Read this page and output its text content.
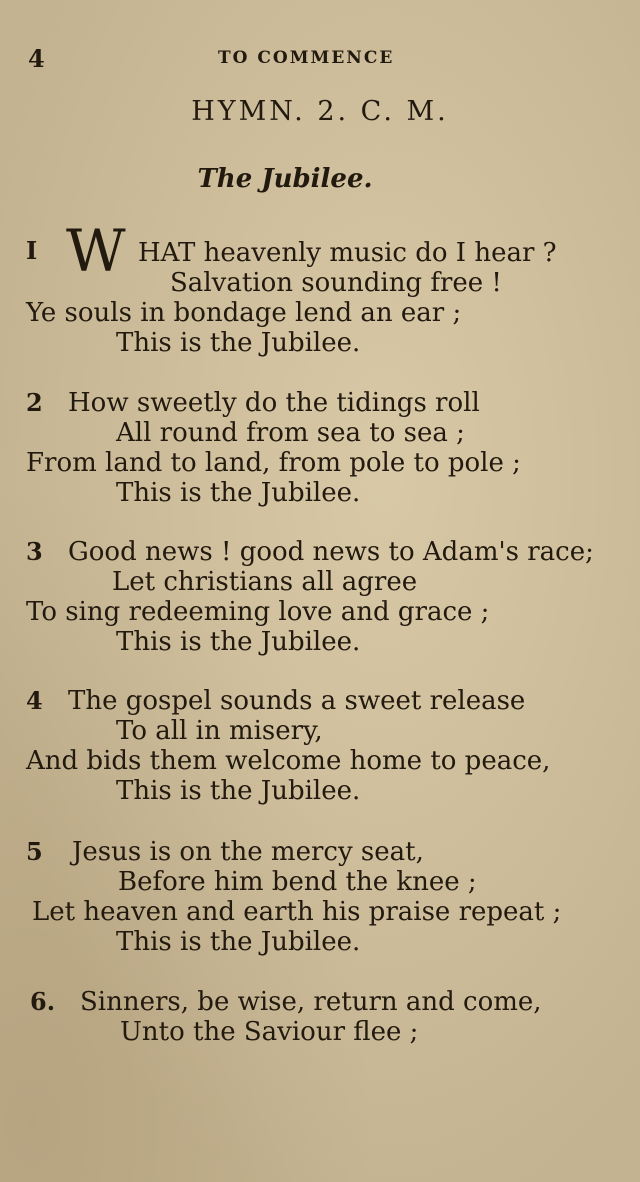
4	TO COMMENCE
HYMN. 2. C. M.
The Jubilee.
I W HAT heavenly music do I hear ?
Salvation sounding free !
Ye souls in bondage lend an ear ;
This is the Jubilee.
2 How sweetly do the tidings roll
All round from sea to sea ;
From land to land, from pole to pole ;
This is the Jubilee.
3 Good news ! good news to Adam's race;
Let christians all agree
To sing redeeming love and grace ;
This is the Jubilee.
4 The gospel sounds a sweet release
To all in misery,
And bids them welcome home to peace,
This is the Jubilee.
5 Jesus is on the mercy seat,
Before him bend the knee ;
Let heaven and earth his praise repeat ;
This is the Jubilee.
6. Sinners, be wise, return and come,
Unto the Saviour flee ;
